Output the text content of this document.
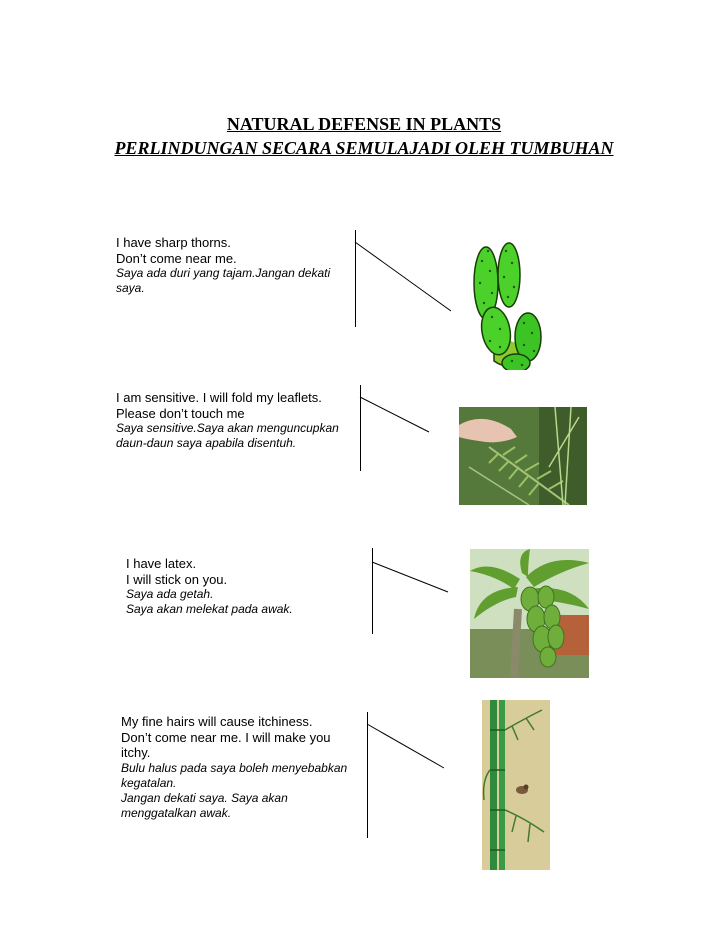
NATURAL DEFENSE IN PLANTS
PERLINDUNGAN SECARA SEMULAJADI OLEH TUMBUHAN
I have sharp thorns.
Don’t come near me.
Saya ada duri yang tajam.Jangan dekati
saya.
I am sensitive. I will fold my leaflets.
Please don’t touch me
Saya sensitive.Saya akan menguncupkan
daun-daun saya apabila disentuh.
I have latex.
I will stick on you.
Saya ada getah.
Saya akan melekat pada awak.
My fine hairs will cause itchiness.
Don’t come near me. I will make you
itchy.
Bulu halus pada saya boleh menyebabkan
kegatalan.
Jangan dekati saya. Saya akan
menggatalkan awak.
